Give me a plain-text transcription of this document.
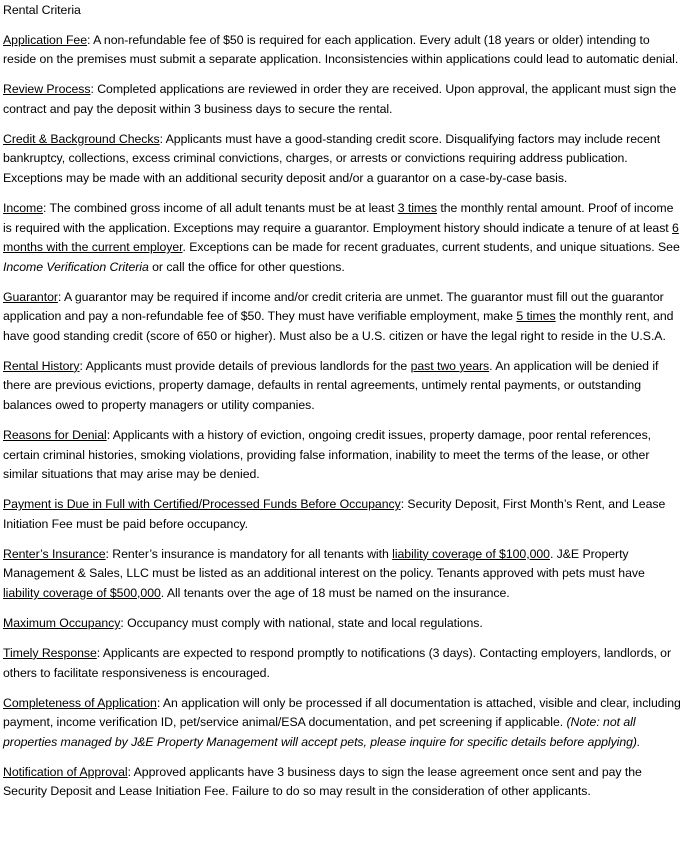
Rental Criteria

Application Fee: A non-refundable fee of $50 is required for each application. Every adult (18 years or older) intending to reside on the premises must submit a separate application. Inconsistencies within applications could lead to automatic denial.

Review Process: Completed applications are reviewed in order they are received. Upon approval, the applicant must sign the contract and pay the deposit within 3 business days to secure the rental.

Credit & Background Checks: Applicants must have a good-standing credit score. Disqualifying factors may include recent bankruptcy, collections, excess criminal convictions, charges, or arrests or convictions requiring address publication. Exceptions may be made with an additional security deposit and/or a guarantor on a case-by-case basis.

Income: The combined gross income of all adult tenants must be at least 3 times the monthly rental amount. Proof of income is required with the application. Exceptions may require a guarantor. Employment history should indicate a tenure of at least 6 months with the current employer. Exceptions can be made for recent graduates, current students, and unique situations. See Income Verification Criteria or call the office for other questions.

Guarantor: A guarantor may be required if income and/or credit criteria are unmet. The guarantor must fill out the guarantor application and pay a non-refundable fee of $50. They must have verifiable employment, make 5 times the monthly rent, and have good standing credit (score of 650 or higher). Must also be a U.S. citizen or have the legal right to reside in the U.S.A.

Rental History: Applicants must provide details of previous landlords for the past two years. An application will be denied if there are previous evictions, property damage, defaults in rental agreements, untimely rental payments, or outstanding balances owed to property managers or utility companies.

Reasons for Denial: Applicants with a history of eviction, ongoing credit issues, property damage, poor rental references, certain criminal histories, smoking violations, providing false information, inability to meet the terms of the lease, or other similar situations that may arise may be denied.

Payment is Due in Full with Certified/Processed Funds Before Occupancy: Security Deposit, First Month’s Rent, and Lease Initiation Fee must be paid before occupancy.

Renter’s Insurance: Renter’s insurance is mandatory for all tenants with liability coverage of $100,000. J&E Property Management & Sales, LLC must be listed as an additional interest on the policy. Tenants approved with pets must have liability coverage of $500,000. All tenants over the age of 18 must be named on the insurance.

Maximum Occupancy: Occupancy must comply with national, state and local regulations.

Timely Response: Applicants are expected to respond promptly to notifications (3 days). Contacting employers, landlords, or others to facilitate responsiveness is encouraged.

Completeness of Application: An application will only be processed if all documentation is attached, visible and clear, including payment, income verification ID, pet/service animal/ESA documentation, and pet screening if applicable. (Note: not all properties managed by J&E Property Management will accept pets, please inquire for specific details before applying).

Notification of Approval: Approved applicants have 3 business days to sign the lease agreement once sent and pay the Security Deposit and Lease Initiation Fee. Failure to do so may result in the consideration of other applicants.
